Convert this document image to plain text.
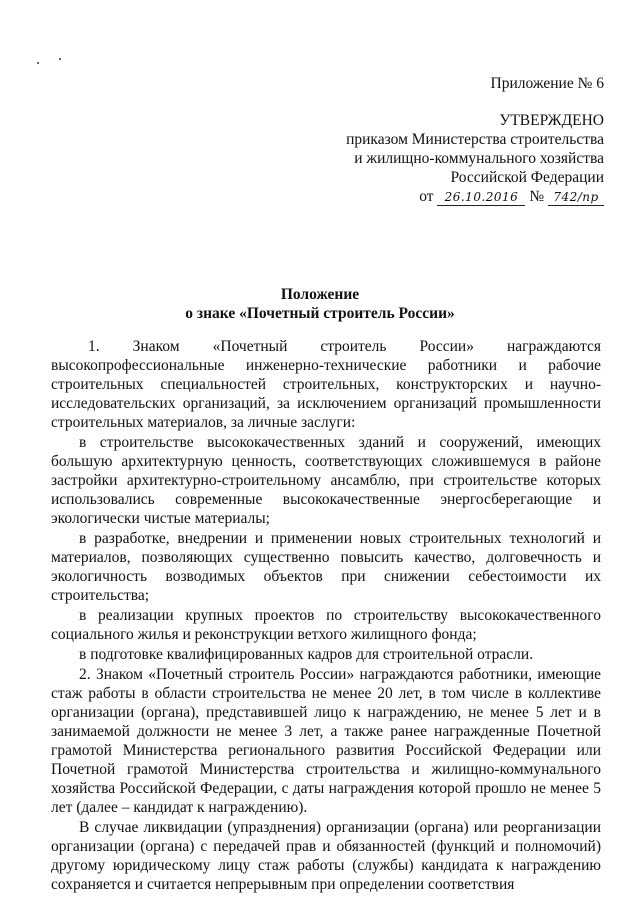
Приложение № 6
УТВЕРЖДЕНО
приказом Министерства строительства
и жилищно-коммунального хозяйства
Российской Федерации
от 26.10.2016 № 742/пр
Положение
о знаке «Почетный строитель России»

1. Знаком «Почетный строитель России» награждаются высокопрофессиональные инженерно-технические работники и рабочие строительных специальностей строительных, конструкторских и научно-исследовательских организаций, за исключением организаций промышленности строительных материалов, за личные заслуги:

в строительстве высококачественных зданий и сооружений, имеющих большую архитектурную ценность, соответствующих сложившемуся в районе застройки архитектурно-строительному ансамблю, при строительстве которых использовались современные высококачественные энергосберегающие и экологически чистые материалы;

в разработке, внедрении и применении новых строительных технологий и материалов, позволяющих существенно повысить качество, долговечность и экологичность возводимых объектов при снижении себестоимости их строительства;

в реализации крупных проектов по строительству высококачественного социального жилья и реконструкции ветхого жилищного фонда;

в подготовке квалифицированных кадров для строительной отрасли.

2. Знаком «Почетный строитель России» награждаются работники, имеющие стаж работы в области строительства не менее 20 лет, в том числе в коллективе организации (органа), представившей лицо к награждению, не менее 5 лет и в занимаемой должности не менее 3 лет, а также ранее награжденные Почетной грамотой Министерства регионального развития Российской Федерации или Почетной грамотой Министерства строительства и жилищно-коммунального хозяйства Российской Федерации, с даты награждения которой прошло не менее 5 лет (далее – кандидат к награждению).

В случае ликвидации (упразднения) организации (органа) или реорганизации организации (органа) с передачей прав и обязанностей (функций и полномочий) другому юридическому лицу стаж работы (службы) кандидата к награждению сохраняется и считается непрерывным при определении соответствия
